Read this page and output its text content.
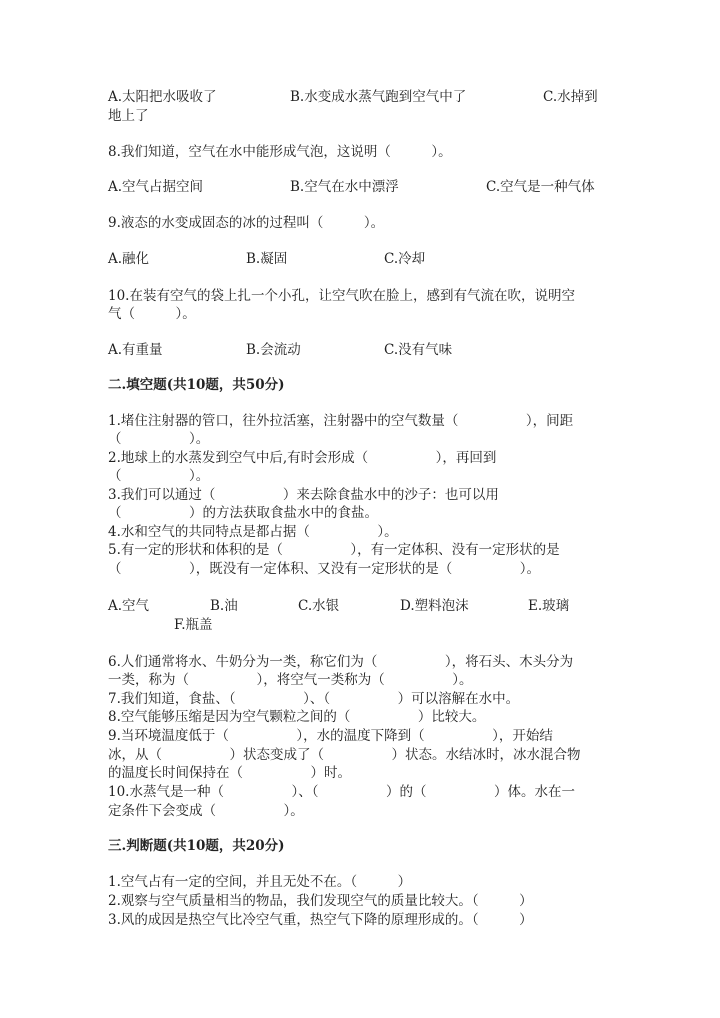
A.太阳把水吸收了	B.水变成水蒸气跑到空气中了	C.水掉到
地上了
8.我们知道，空气在水中能形成气泡，这说明（　　　）。
A.空气占据空间	B.空气在水中漂浮	C.空气是一种气体
9.液态的水变成固态的冰的过程叫（　　　）。
A.融化	B.凝固	C.冷却
10.在装有空气的袋上扎一个小孔，让空气吹在脸上，感到有气流在吹，说明空
气（　　　）。
A.有重量	B.会流动	C.没有气味
二.填空题(共10题，共50分)
1.堵住注射器的管口，往外拉活塞，注射器中的空气数量（　　　　　），间距
（　　　　　）。
2.地球上的水蒸发到空气中后,有时会形成（　　　　　），再回到
（　　　　　）。
3.我们可以通过（　　　　　）来去除食盐水中的沙子：也可以用
（　　　　　）的方法获取食盐水中的食盐。
4.水和空气的共同特点是都占据（　　　　　）。
5.有一定的形状和体积的是（　　　　　），有一定体积、没有一定形状的是
（　　　　　），既没有一定体积、又没有一定形状的是（　　　　　）。
A.空气	B.油	C.水银	D.塑料泡沫	E.玻璃
F.瓶盖
6.人们通常将水、牛奶分为一类，称它们为（　　　　　），将石头、木头分为
一类，称为（　　　　　），将空气一类称为（　　　　　）。
7.我们知道，食盐、（　　　　　）、（　　　　　）可以溶解在水中。
8.空气能够压缩是因为空气颗粒之间的（　　　　　）比较大。
9.当环境温度低于（　　　　　），水的温度下降到（　　　　　），开始结
冰，从（　　　　　）状态变成了（　　　　　）状态。水结冰时，冰水混合物
的温度长时间保持在（　　　　　）时。
10.水蒸气是一种（　　　　　）、（　　　　　）的（　　　　　）体。水在一
定条件下会变成（　　　　　）。
三.判断题(共10题，共20分)
1.空气占有一定的空间，并且无处不在。（　　　）
2.观察与空气质量相当的物品，我们发现空气的质量比较大。（　　　）
3.风的成因是热空气比冷空气重，热空气下降的原理形成的。（　　　）
